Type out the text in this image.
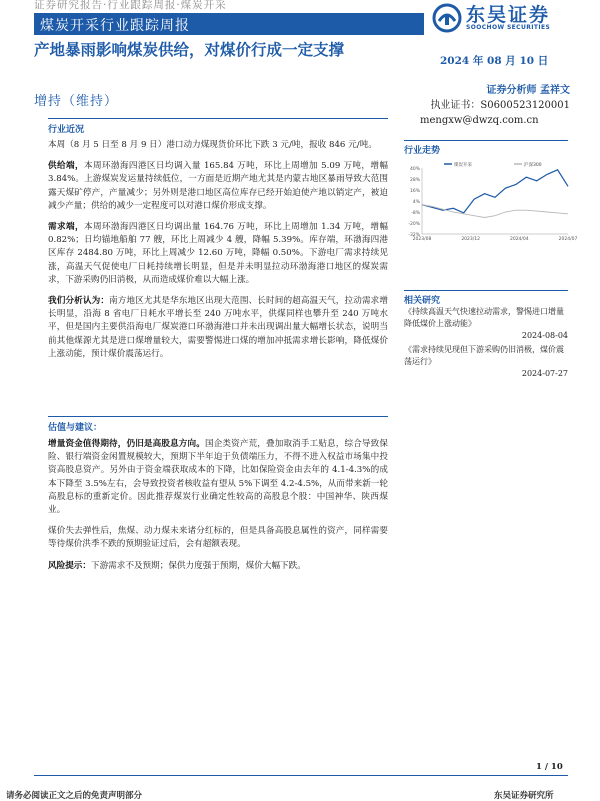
证券研究报告·行业跟踪周报·煤炭开采
煤炭开采行业跟踪周报	东吴证券
SOOCHOW SECURITIES
产地暴雨影响煤炭供给，对煤价行成一定支撑
增持（维持）
2024 年 08 月 10 日
证券分析师 孟祥文
执业证书：S0600523120001
mengxw@dwzq.com.cn
行业近况

本周（8 月 5 日至 8 月 9 日）港口动力煤现货价环比下跌 3 元/吨，报收 846 元/吨。

供给端，本周环渤海四港区日均调入量 165.84 万吨，环比上周增加 5.09 万吨，增幅 3.84%。上游煤炭发运量持续低位，一方面是近期产地尤其是内蒙古地区暴雨导致大范围露天煤矿停产，产量减少；另外则是港口地区高位库存已经开始迫使产地以销定产，被迫减少产量；供给的减少一定程度可以对港口煤价形成支撑。

需求端，本周环渤海四港区日均调出量 164.76 万吨，环比上周增加 1.34 万吨，增幅 0.82%；日均锚地船舶 77 艘，环比上周减少 4 艘，降幅 5.39%。库存端，环渤海四港区库存 2484.80 万吨，环比上周减少 12.60 万吨，降幅 0.50%。下游电厂需求持续见涨，高温天气促使电厂日耗持续增长明显，但是并未明显拉动环渤海港口地区的煤炭需求，下游采购仍旧消极，从而造成煤价难以大幅上涨。

我们分析认为：南方地区尤其是华东地区出现大范围、长时间的超高温天气，拉动需求增长明显，沿海 8 省电厂日耗水平增长至 240 万吨水平，供煤同样也攀升至 240 万吨水平，但是国内主要供沿海电厂煤炭港口环渤海港口并未出现调出量大幅增长状态，说明当前其他煤源尤其是进口煤增量较大，需要警惕进口煤的增加冲抵需求增长影响，降低煤价上涨动能，预计煤价震荡运行。

估值与建议：

增量资金值得期待，仍旧是高股息方向。国企类资产荒，叠加取消手工贴息，综合导致保险、银行端资金闲置规模较大，预期下半年迫于负债端压力，不得不进入权益市场集中投资高股息资产。另外由于资金端获取成本的下降，比如保险资金由去年的 4.1-4.3%的成本下降至 3.5%左右，会导致投资者核收益有望从 5%下调至 4.2-4.5%，从而带来新一轮高股息标的重新定价。因此推荐煤炭行业确定性较高的高股息个股：中国神华、陕西煤业。

煤价失去弹性后，焦煤、动力煤未来诸分红标的，但是具备高股息属性的资产，同样需要等待煤价洪季不跌的预期验证过后，会有超额表现。

风险提示：下游需求不及预期；保供力度强于预期，煤价大幅下跌。

行业走势
40%
28%
16%
4%
-8%
-20%
-32%
2023/08	2023/12	2024/04	2024/07
煤炭开采	沪深300
相关研究
《持续高温天气快速拉动需求，警惕进口增量降低煤价上涨动能》
2024-08-04
《需求持续见现但下游采购仍旧消极，煤价震荡运行》
2024-07-27
1 / 10
请务必阅读正文之后的免责声明部分	东吴证券研究所
